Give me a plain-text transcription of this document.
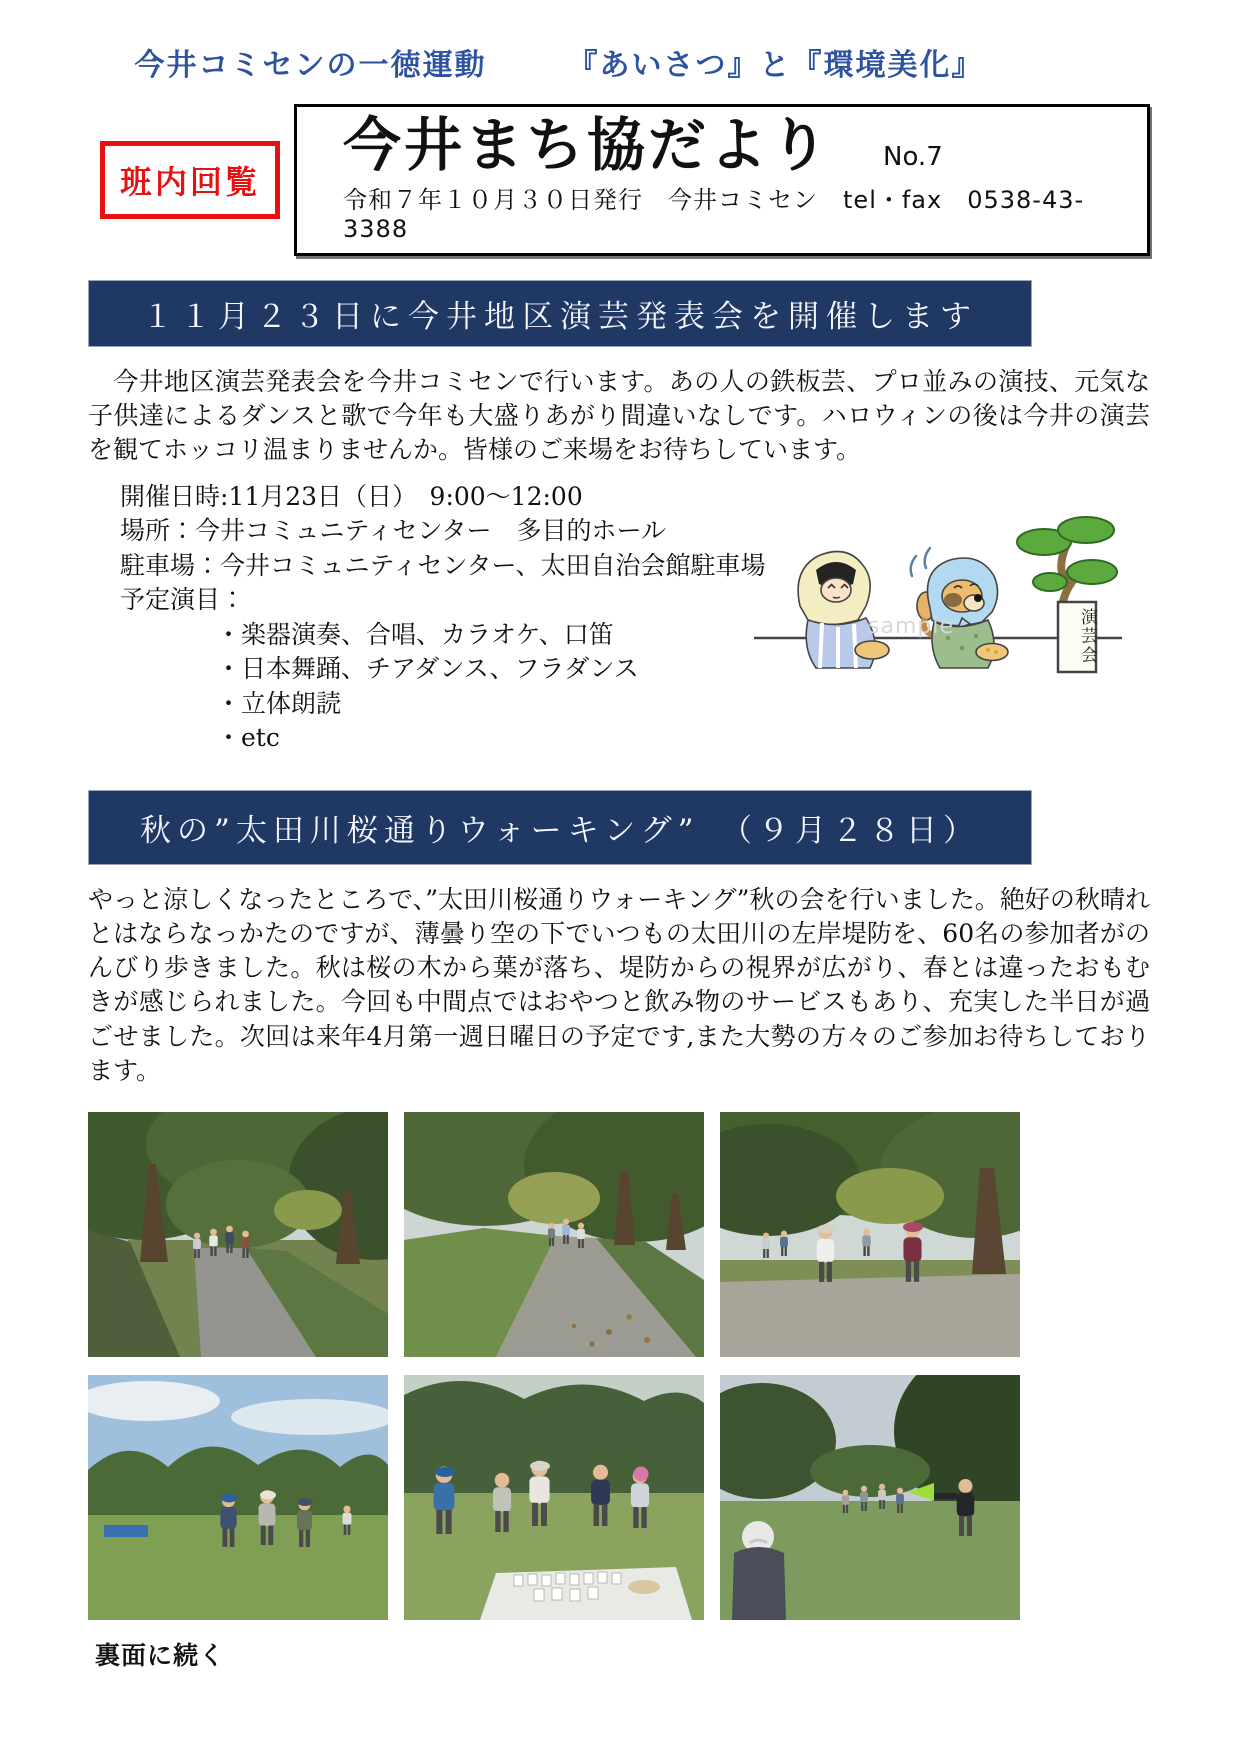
今井コミセンの一徳運動　　　『あいさつ』と『環境美化』
班内回覧
今井まち協だより No.7
令和７年１０月３０日発行　今井コミセン　tel・fax　0538-43-3388
１１月２３日に今井地区演芸発表会を開催します

　今井地区演芸発表会を今井コミセンで行います。あの人の鉄板芸、プロ並みの演技、元気な子供達によるダンスと歌で今年も大盛りあがり間違いなしです。ハロウィンの後は今井の演芸を観てホッコリ温まりませんか。皆様のご来場をお待ちしています。

開催日時:11月23日（日）　9:00～12:00
場所：今井コミュニティセンター　多目的ホール
駐車場：今井コミュニティセンター、太田自治会館駐車場
予定演目：
・楽器演奏、合唱、カラオケ、口笛
・日本舞踊、チアダンス、フラダンス
・立体朗読
・etc
演芸会
sample
秋の”太田川桜通りウォーキング”　（９月２８日）

やっと涼しくなったところで、”太田川桜通りウォーキング”秋の会を行いました。絶好の秋晴れとはならなっかたのですが、薄曇り空の下でいつもの太田川の左岸堤防を、60名の参加者がのんびり歩きました。秋は桜の木から葉が落ち、堤防からの視界が広がり、春とは違ったおもむきが感じられました。今回も中間点ではおやつと飲み物のサービスもあり、充実した半日が過ごせました。次回は来年4月第一週日曜日の予定です,また大勢の方々のご参加お待ちしております。

裏面に続く
